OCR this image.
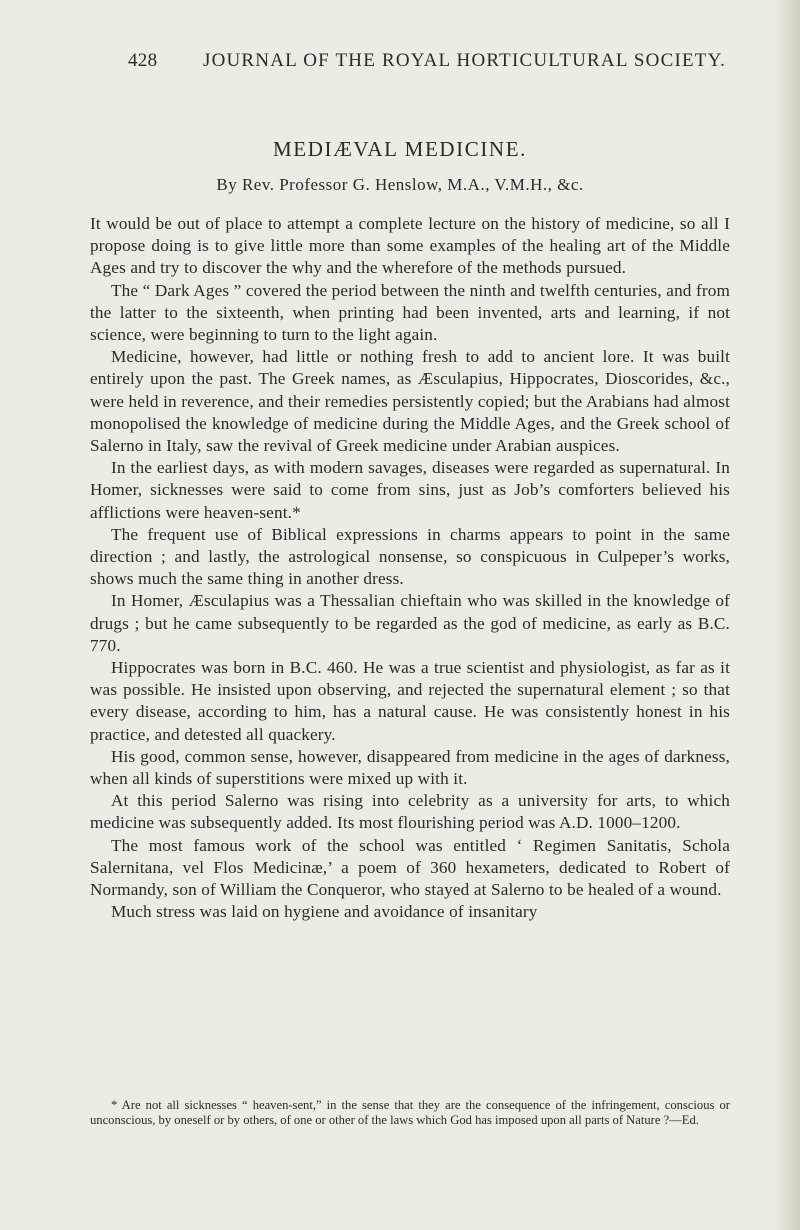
428 JOURNAL OF THE ROYAL HORTICULTURAL SOCIETY.
MEDIÆVAL MEDICINE.
By Rev. Professor G. Henslow, M.A., V.M.H., &c.

It would be out of place to attempt a complete lecture on the history of medicine, so all I propose doing is to give little more than some examples of the healing art of the Middle Ages and try to discover the why and the wherefore of the methods pursued.

The “ Dark Ages ” covered the period between the ninth and twelfth centuries, and from the latter to the sixteenth, when printing had been invented, arts and learning, if not science, were beginning to turn to the light again.

Medicine, however, had little or nothing fresh to add to ancient lore. It was built entirely upon the past. The Greek names, as Æsculapius, Hippocrates, Dioscorides, &c., were held in reverence, and their remedies persistently copied; but the Arabians had almost monopolised the knowledge of medicine during the Middle Ages, and the Greek school of Salerno in Italy, saw the revival of Greek medicine under Arabian auspices.

In the earliest days, as with modern savages, diseases were regarded as supernatural. In Homer, sicknesses were said to come from sins, just as Job’s comforters believed his afflictions were heaven-sent.*

The frequent use of Biblical expressions in charms appears to point in the same direction ; and lastly, the astrological nonsense, so conspicuous in Culpeper’s works, shows much the same thing in another dress.

In Homer, Æsculapius was a Thessalian chieftain who was skilled in the knowledge of drugs ; but he came subsequently to be regarded as the god of medicine, as early as B.C. 770.

Hippocrates was born in B.C. 460. He was a true scientist and physiologist, as far as it was possible. He insisted upon observing, and rejected the supernatural element ; so that every disease, according to him, has a natural cause. He was consistently honest in his practice, and detested all quackery.

His good, common sense, however, disappeared from medicine in the ages of darkness, when all kinds of superstitions were mixed up with it.

At this period Salerno was rising into celebrity as a university for arts, to which medicine was subsequently added. Its most flourishing period was A.D. 1000–1200.

The most famous work of the school was entitled ‘ Regimen Sanitatis, Schola Salernitana, vel Flos Medicinæ,’ a poem of 360 hexameters, dedicated to Robert of Normandy, son of William the Conqueror, who stayed at Salerno to be healed of a wound.

Much stress was laid on hygiene and avoidance of insanitary

* Are not all sicknesses “ heaven-sent,” in the sense that they are the consequence of the infringement, conscious or unconscious, by oneself or by others, of one or other of the laws which God has imposed upon all parts of Nature ?—Ed.
